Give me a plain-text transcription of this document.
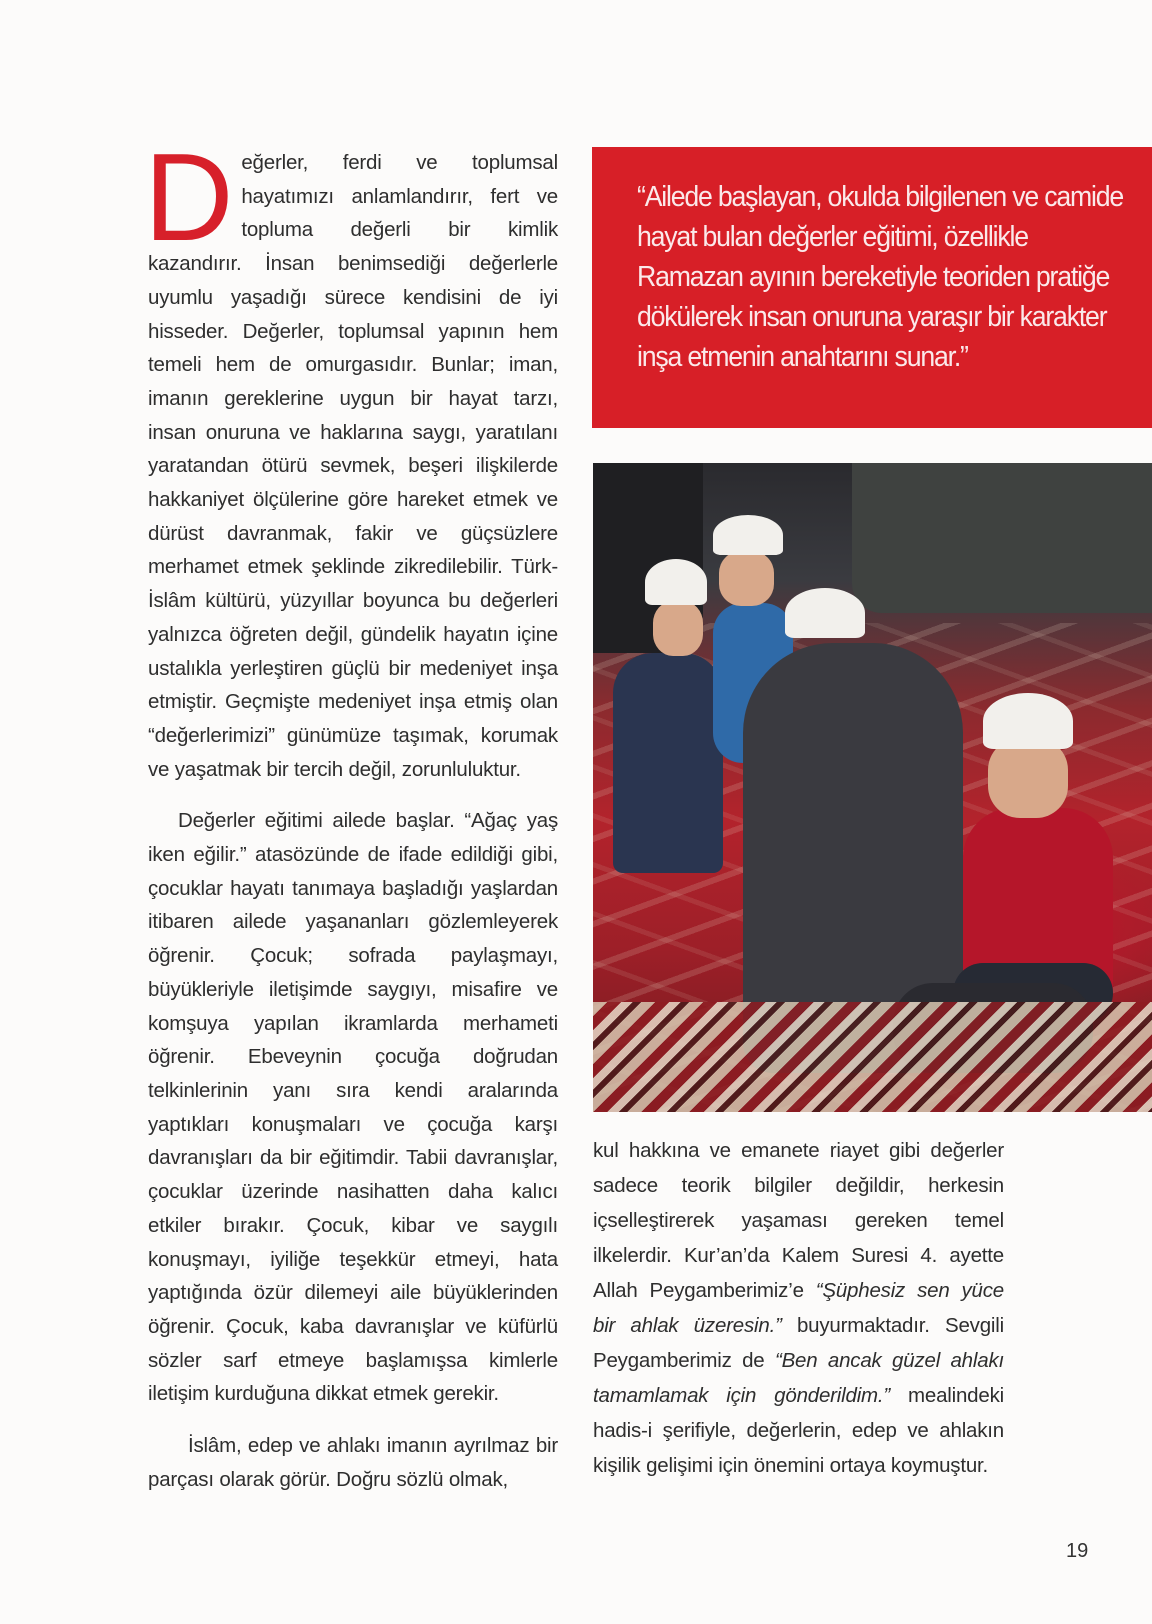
Değerler, ferdi ve toplumsal hayatımızı anlamlandırır, fert ve topluma değerli bir kimlik kazandırır. İnsan benimsediği değerlerle uyumlu yaşadığı sürece kendisini de iyi hisseder. Değerler, toplumsal yapının hem temeli hem de omurgasıdır. Bunlar; iman, imanın gereklerine uygun bir hayat tarzı, insan onuruna ve haklarına saygı, yaratılanı yaratandan ötürü sevmek, beşeri ilişkilerde hakkaniyet ölçülerine göre hareket etmek ve dürüst davranmak, fakir ve güçsüzlere merhamet etmek şeklinde zikredilebilir. Türk-İslâm kültürü, yüzyıllar boyunca bu değerleri yalnızca öğreten değil, gündelik hayatın içine ustalıkla yerleştiren güçlü bir medeniyet inşa etmiştir. Geçmişte medeniyet inşa etmiş olan “değerlerimizi” günümüze taşımak, korumak ve yaşatmak bir tercih değil, zorunluluktur.

Değerler eğitimi ailede başlar. “Ağaç yaş iken eğilir.” atasözünde de ifade edildiği gibi, çocuklar hayatı tanımaya başladığı yaşlardan itibaren ailede yaşananları gözlemleyerek öğrenir. Çocuk; sofrada paylaşmayı, büyükleriyle iletişimde saygıyı, misafire ve komşuya yapılan ikramlarda merhameti öğrenir. Ebeveynin çocuğa doğrudan telkinlerinin yanı sıra kendi aralarında yaptıkları konuşmaları ve çocuğa karşı davranışları da bir eğitimdir. Tabii davranışlar, çocuklar üzerinde nasihatten daha kalıcı etkiler bırakır. Çocuk, kibar ve saygılı konuşmayı, iyiliğe teşekkür etmeyi, hata yaptığında özür dilemeyi aile büyüklerinden öğrenir. Çocuk, kaba davranışlar ve küfürlü sözler sarf etmeye başlamışsa kimlerle iletişim kurduğuna dikkat etmek gerekir.

İslâm, edep ve ahlakı imanın ayrılmaz bir parçası olarak görür. Doğru sözlü olmak,

“Ailede başlayan, okulda bilgilenen ve camide hayat bulan değerler eğitimi, özellikle Ramazan ayının bereketiyle teoriden pratiğe dökülerek insan onuruna yaraşır bir karakter inşa etmenin anahtarını sunar.”

kul hakkına ve emanete riayet gibi değerler sadece teorik bilgiler değildir, herkesin içselleştirerek yaşaması gereken temel ilkelerdir. Kur’an’da Kalem Suresi 4. ayette Allah Peygamberimiz’e “Şüphesiz sen yüce bir ahlak üzeresin.” buyurmaktadır. Sevgili Peygamberimiz de “Ben ancak güzel ahlakı tamamlamak için gönderildim.” mealindeki hadis-i şerifiyle, değerlerin, edep ve ahlakın kişilik gelişimi için önemini ortaya koymuştur.

19
